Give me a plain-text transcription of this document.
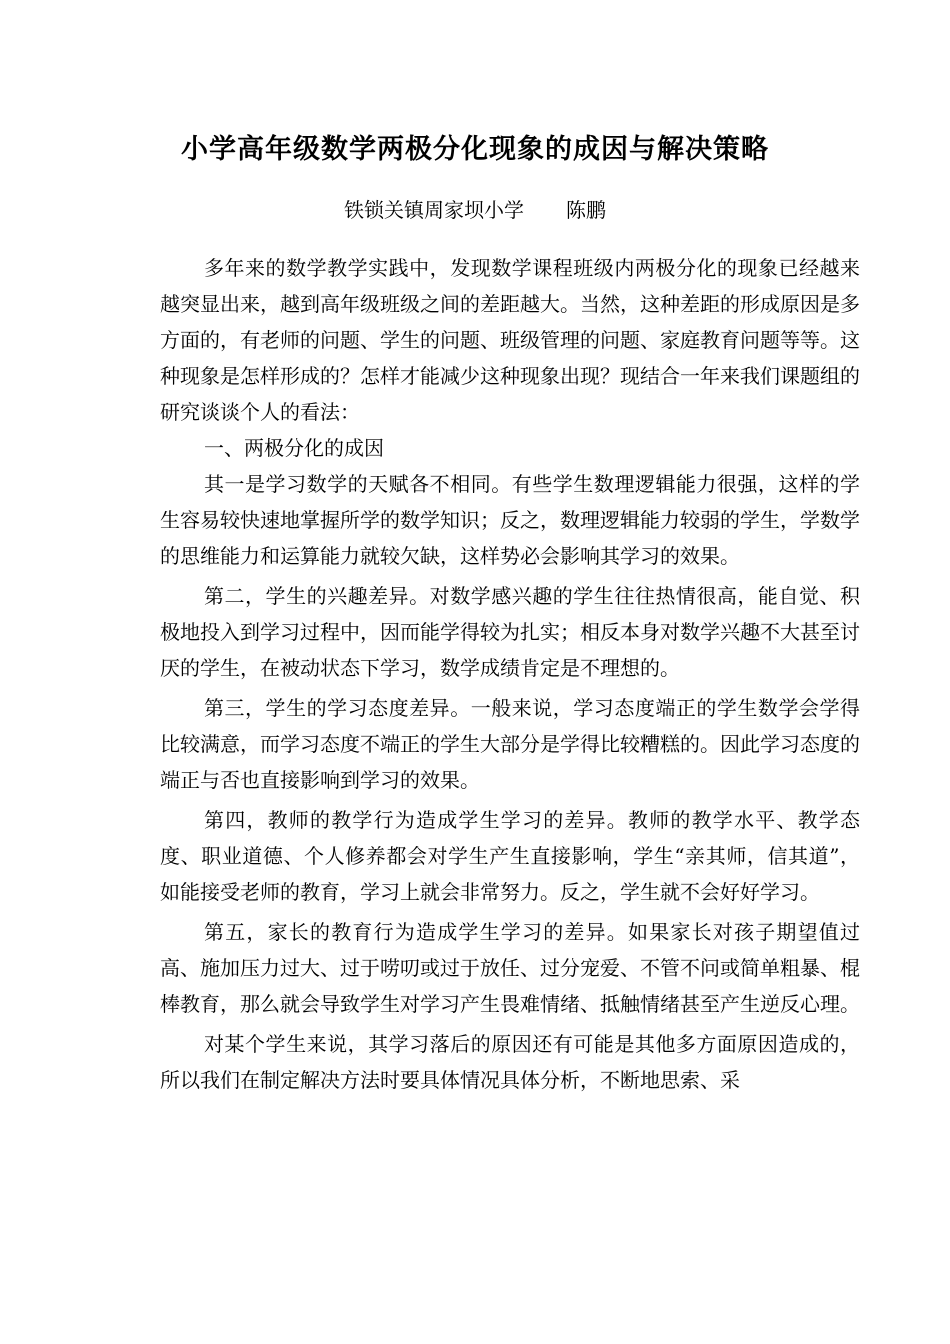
小学高年级数学两极分化现象的成因与解决策略
铁锁关镇周家坝小学 陈鹏

多年来的数学教学实践中，发现数学课程班级内两极分化的现象已经越来越突显出来，越到高年级班级之间的差距越大。当然，这种差距的形成原因是多方面的，有老师的问题、学生的问题、班级管理的问题、家庭教育问题等等。这种现象是怎样形成的？怎样才能减少这种现象出现？现结合一年来我们课题组的研究谈谈个人的看法：

一、两极分化的成因

其一是学习数学的天赋各不相同。有些学生数理逻辑能力很强，这样的学生容易较快速地掌握所学的数学知识；反之，数理逻辑能力较弱的学生，学数学的思维能力和运算能力就较欠缺，这样势必会影响其学习的效果。

第二，学生的兴趣差异。对数学感兴趣的学生往往热情很高，能自觉、积极地投入到学习过程中，因而能学得较为扎实；相反本身对数学兴趣不大甚至讨厌的学生，在被动状态下学习，数学成绩肯定是不理想的。

第三，学生的学习态度差异。一般来说，学习态度端正的学生数学会学得比较满意，而学习态度不端正的学生大部分是学得比较糟糕的。因此学习态度的端正与否也直接影响到学习的效果。

第四，教师的教学行为造成学生学习的差异。教师的教学水平、教学态度、职业道德、个人修养都会对学生产生直接影响，学生“亲其师，信其道”，如能接受老师的教育，学习上就会非常努力。反之，学生就不会好好学习。

第五，家长的教育行为造成学生学习的差异。如果家长对孩子期望值过高、施加压力过大、过于唠叨或过于放任、过分宠爱、不管不问或简单粗暴、棍棒教育，那么就会导致学生对学习产生畏难情绪、抵触情绪甚至产生逆反心理。

对某个学生来说，其学习落后的原因还有可能是其他多方面原因造成的，所以我们在制定解决方法时要具体情况具体分析，不断地思索、采
